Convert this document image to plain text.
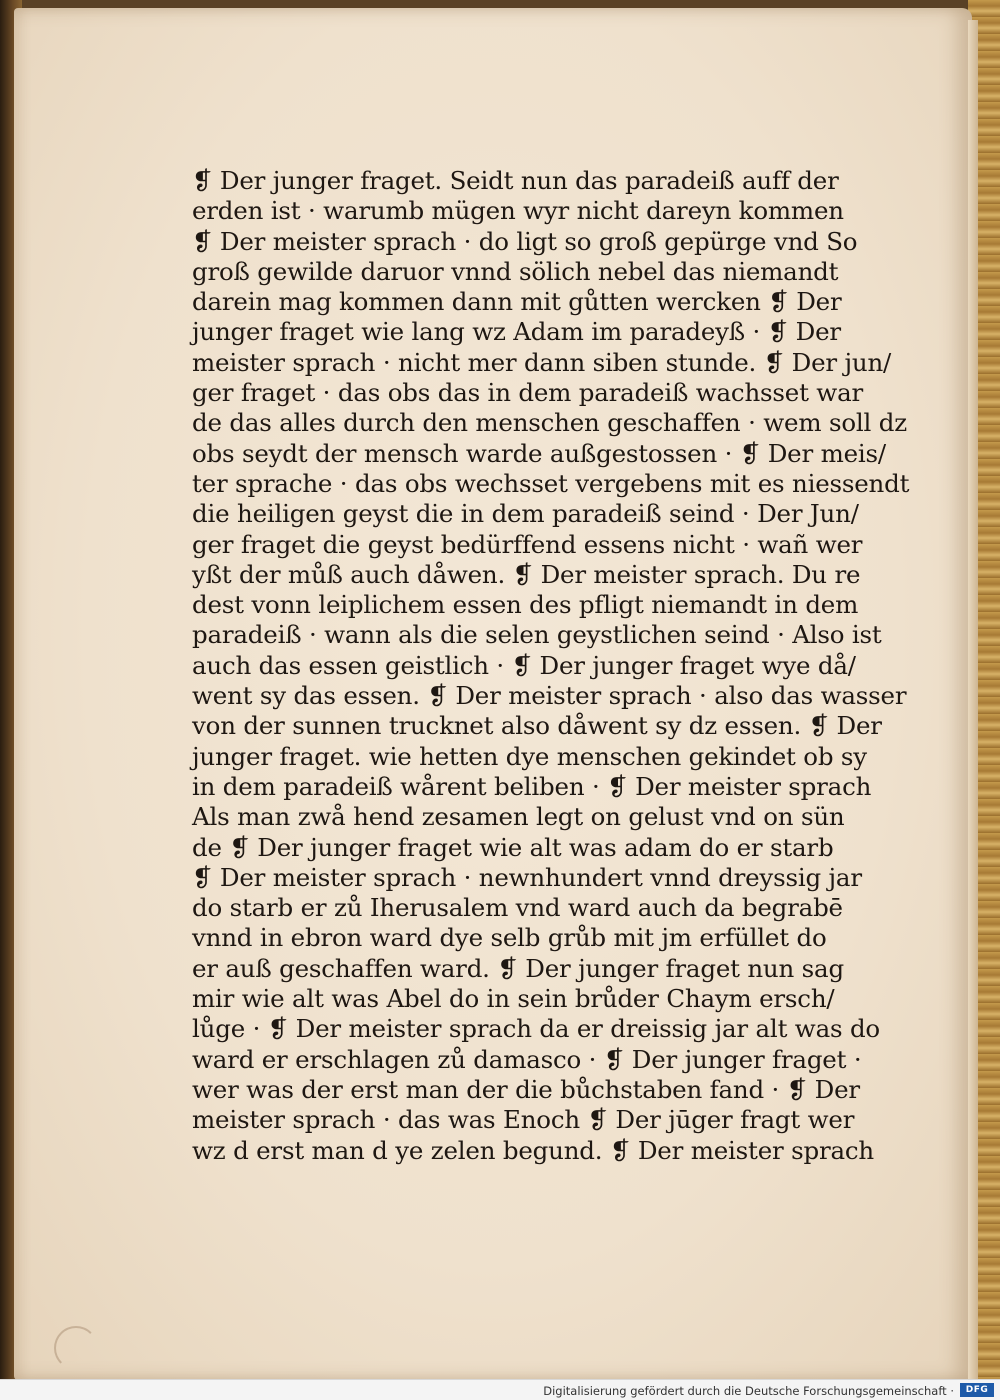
❡ Der junger fraget. Seidt nun das paradeiß auff der
erden ist · warumb mügen wyr nicht dareyn kommen
❡ Der meister sprach · do ligt so groß gepürge vnd So
groß gewilde daruor vnnd sölich nebel das niemandt
darein mag kommen dann mit gůtten wercken ❡ Der
junger fraget wie lang wz Adam im paradeyß · ❡ Der
meister sprach · nicht mer dann siben stunde. ❡ Der jun/
ger fraget · das obs das in dem paradeiß wachsset war
de das alles durch den menschen geschaffen · wem soll dz
obs seydt der mensch warde außgestossen · ❡ Der meis/
ter sprache · das obs wechsset vergebens mit es niessendt
die heiligen geyst die in dem paradeiß seind · Der Jun/
ger fraget die geyst bedürffend essens nicht · wañ wer
yßt der můß auch dåwen. ❡ Der meister sprach. Du re
dest vonn leiplichem essen des pfligt niemandt in dem
paradeiß · wann als die selen geystlichen seind · Also ist
auch das essen geistlich · ❡ Der junger fraget wye då/
went sy das essen. ❡ Der meister sprach · also das wasser
von der sunnen trucknet also dåwent sy dz essen. ❡ Der
junger fraget. wie hetten dye menschen gekindet ob sy
in dem paradeiß wårent beliben · ❡ Der meister sprach
Als man zwå hend zesamen legt on gelust vnd on sün
de ❡ Der junger fraget wie alt was adam do er starb
❡ Der meister sprach · newnhundert vnnd dreyssig jar
do starb er zů Iherusalem vnd ward auch da begrabē
vnnd in ebron ward dye selb grůb mit jm erfüllet do
er auß geschaffen ward. ❡ Der junger fraget nun sag
mir wie alt was Abel do in sein brůder Chaym ersch/
lůge · ❡ Der meister sprach da er dreissig jar alt was do
ward er erschlagen zů damasco · ❡ Der junger fraget ·
wer was der erst man der die bůchstaben fand · ❡ Der
meister sprach · das was Enoch ❡ Der jūger fragt wer
wz d erst man d ye zelen begund. ❡ Der meister sprach
Digitalisierung gefördert durch die Deutsche Forschungsgemeinschaft ·	DFG
